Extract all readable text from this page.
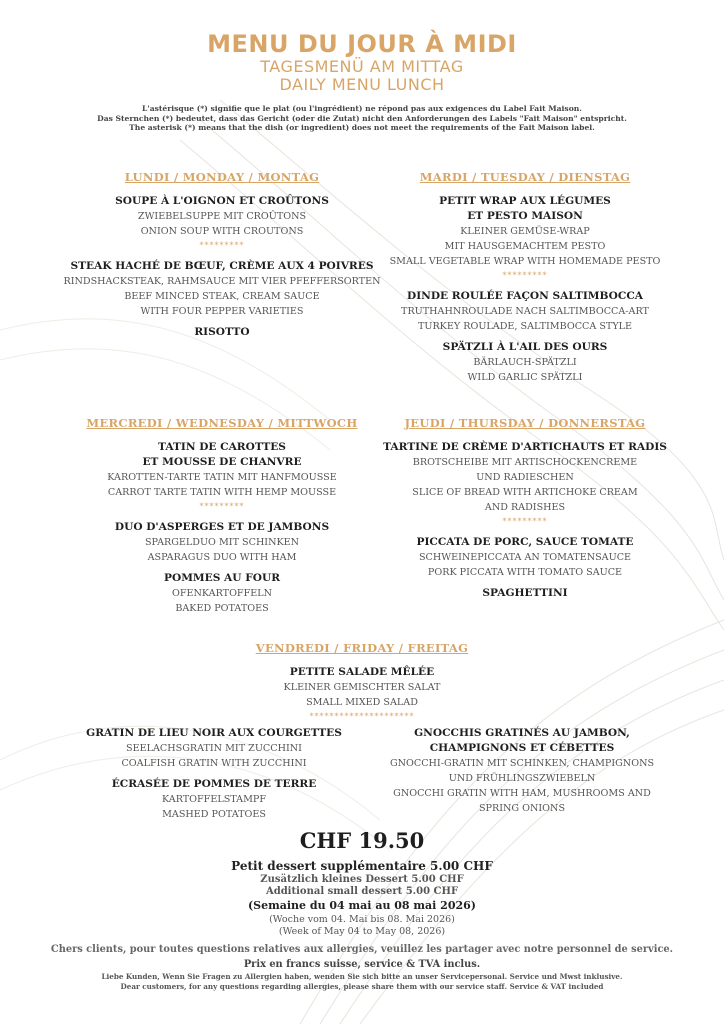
MENU DU JOUR À MIDI
TAGESMENÜ AM MITTAG
DAILY MENU LUNCH
L'astérisque (*) signifie que le plat (ou l'ingrédient) ne répond pas aux exigences du Label Fait Maison.
Das Sternchen (*) bedeutet, dass das Gericht (oder die Zutat) nicht den Anforderungen des Labels "Fait Maison" entspricht.
The asterisk (*) means that the dish (or ingredient) does not meet the requirements of the Fait Maison label.
LUNDI / MONDAY / MONTAG
SOUPE À L'OIGNON ET CROÛTONS
ZWIEBELSUPPE MIT CROÛTONS
ONION SOUP WITH CROUTONS
*********
STEAK HACHÉ DE BŒUF, CRÈME AUX 4 POIVRES
RINDSHACKSTEAK, RAHMSAUCE MIT VIER PFEFFERSORTEN
BEEF MINCED STEAK, CREAM SAUCE
WITH FOUR PEPPER VARIETIES
RISOTTO
MARDI / TUESDAY / DIENSTAG
PETIT WRAP AUX LÉGUMES
ET PESTO MAISON
KLEINER GEMÜSE-WRAP
MIT HAUSGEMACHTEM PESTO
SMALL VEGETABLE WRAP WITH HOMEMADE PESTO
*********
DINDE ROULÉE FAÇON SALTIMBOCCA
TRUTHAHNROULADE NACH SALTIMBOCCA-ART
TURKEY ROULADE, SALTIMBOCCA STYLE
SPÄTZLI À L'AIL DES OURS
BÄRLAUCH-SPÄTZLI
WILD GARLIC SPÄTZLI
MERCREDI / WEDNESDAY / MITTWOCH
TATIN DE CAROTTES
ET MOUSSE DE CHANVRE
KAROTTEN-TARTE TATIN MIT HANFMOUSSE
CARROT TARTE TATIN WITH HEMP MOUSSE
*********
DUO D'ASPERGES ET DE JAMBONS
SPARGELDUO MIT SCHINKEN
ASPARAGUS DUO WITH HAM
POMMES AU FOUR
OFENKARTOFFELN
BAKED POTATOES
JEUDI / THURSDAY / DONNERSTAG
TARTINE DE CRÈME D'ARTICHAUTS ET RADIS
BROTSCHEIBE MIT ARTISCHOCKENCREME
UND RADIESCHEN
SLICE OF BREAD WITH ARTICHOKE CREAM
AND RADISHES
*********
PICCATA DE PORC, SAUCE TOMATE
SCHWEINEPICCATA AN TOMATENSAUCE
PORK PICCATA WITH TOMATO SAUCE
SPAGHETTINI
VENDREDI / FRIDAY / FREITAG
PETITE SALADE MÊLÉE
KLEINER GEMISCHTER SALAT
SMALL MIXED SALAD
*********************
GRATIN DE LIEU NOIR AUX COURGETTES
SEELACHSGRATIN MIT ZUCCHINI
COALFISH GRATIN WITH ZUCCHINI
ÉCRASÉE DE POMMES DE TERRE
KARTOFFELSTAMPF
MASHED POTATOES
GNOCCHIS GRATINÉS AU JAMBON,
CHAMPIGNONS ET CÉBETTES
GNOCCHI-GRATIN MIT SCHINKEN, CHAMPIGNONS
UND FRÜHLINGSZWIEBELN
GNOCCHI GRATIN WITH HAM, MUSHROOMS AND
SPRING ONIONS
CHF 19.50
Petit dessert supplémentaire 5.00 CHF
Zusätzlich kleines Dessert 5.00 CHF
Additional small dessert 5.00 CHF
(Semaine du 04 mai au 08 mai 2026)
(Woche vom 04. Mai bis 08. Mai 2026)
(Week of May 04 to May 08, 2026)
Chers clients, pour toutes questions relatives aux allergies, veuillez les partager avec notre personnel de service.
Prix en francs suisse, service & TVA inclus.
Liebe Kunden, Wenn Sie Fragen zu Allergien haben, wenden Sie sich bitte an unser Servicepersonal. Service und Mwst inklusive.
Dear customers, for any questions regarding allergies, please share them with our service staff. Service & VAT included
